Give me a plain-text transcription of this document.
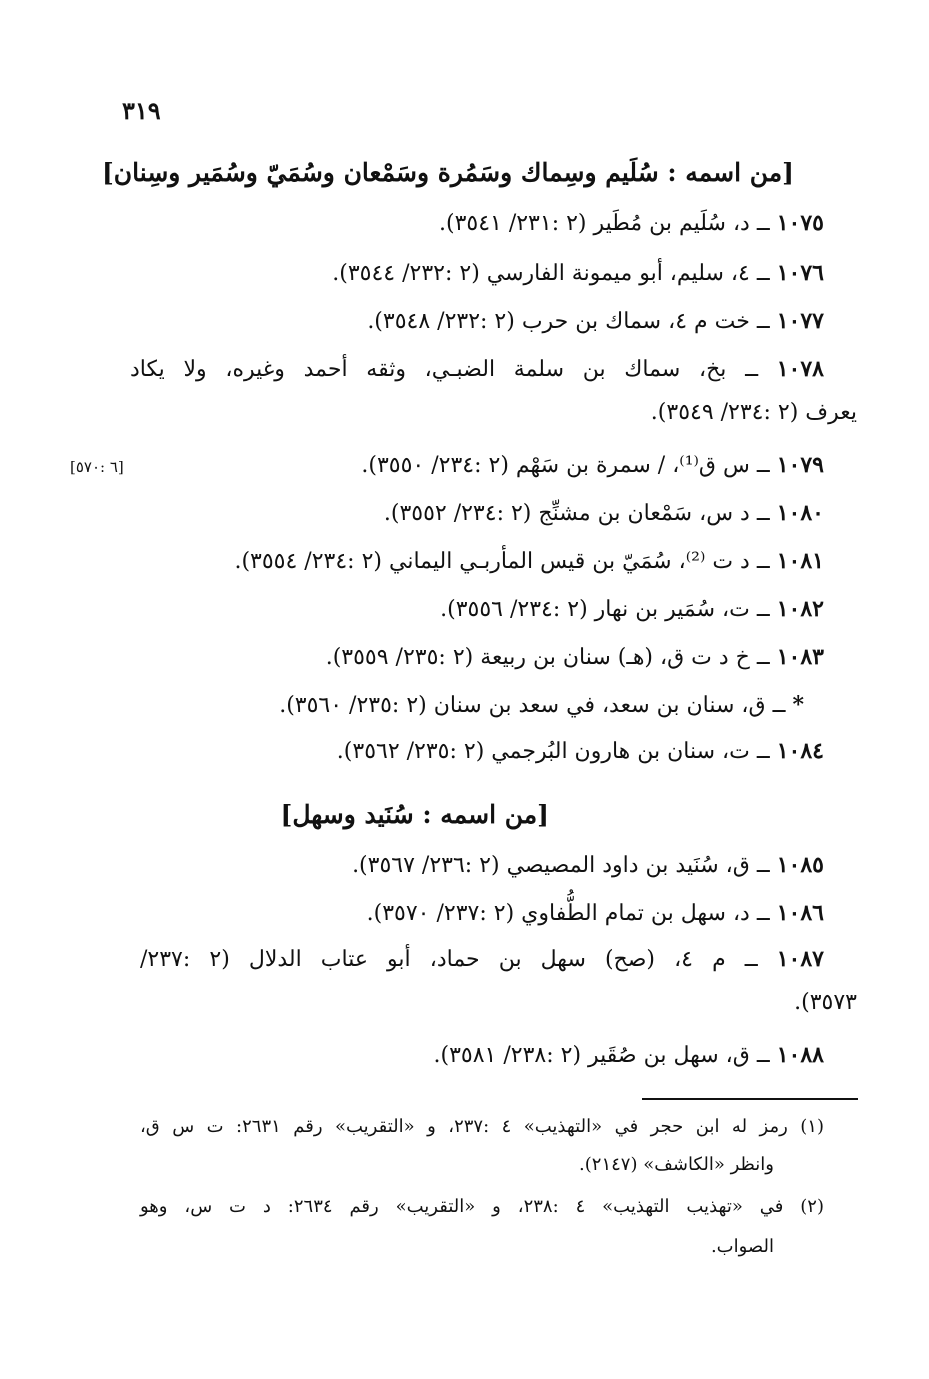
٣١٩
[من اسمه : سُلَيم وسِماك وسَمُرة وسَمْعان وسُمَيّ وسُمَير وسِنان]
١٠٧٥ ــ د، سُلَيم بن مُطَير (٢ :٢٣١/ ٣٥٤١).
١٠٧٦ ــ ٤، سليم، أبو ميمونة الفارسي (٢ :٢٣٢/ ٣٥٤٤).
١٠٧٧ ــ خت م ٤، سماك بن حرب (٢ :٢٣٢/ ٣٥٤٨).
١٠٧٨ ــ بخ، سماك بن سلمة الضبـي، وثقه أحمد وغيره، ولا يكاد
يعرف (٢ :٢٣٤/ ٣٥٤٩).
١٠٧٩ ــ س ق⁽¹⁾، / سمرة بن سَهْم (٢ :٢٣٤/ ٣٥٥٠).
[٦ :٥٧٠]
١٠٨٠ ــ د س، سَمْعان بن مشنِّج (٢ :٢٣٤/ ٣٥٥٢).
١٠٨١ ــ د ت ⁽²⁾، سُمَيّ بن قيس المأربـي اليماني (٢ :٢٣٤/ ٣٥٥٤).
١٠٨٢ ــ ت، سُمَير بن نهار (٢ :٢٣٤/ ٣٥٥٦).
١٠٨٣ ــ خ د ت ق، (هـ) سنان بن ربيعة (٢ :٢٣٥/ ٣٥٥٩).
* ــ ق، سنان بن سعد، في سعد بن سنان (٢ :٢٣٥/ ٣٥٦٠).
١٠٨٤ ــ ت، سنان بن هارون البُرجمي (٢ :٢٣٥/ ٣٥٦٢).
[من اسمه : سُنَيد وسهل]
١٠٨٥ ــ ق، سُنَيد بن داود المصيصي (٢ :٢٣٦/ ٣٥٦٧).
١٠٨٦ ــ د، سهل بن تمام الطُّفاوي (٢ :٢٣٧/ ٣٥٧٠).
١٠٨٧ ــ م ٤، (صح) سهل بن حماد، أبو عتاب الدلال (٢ :٢٣٧/
٣٥٧٣).
١٠٨٨ ــ ق، سهل بن صُقَير (٢ :٢٣٨/ ٣٥٨١).
(١) رمز له ابن حجر في «التهذيب» ٤ :٢٣٧، و «التقريب» رقم ٢٦٣١: ت س ق،
وانظر «الكاشف» (٢١٤٧).
(٢) في «تهذيب التهذيب» ٤ :٢٣٨، و «التقريب» رقم ٢٦٣٤: د ت س، وهو
الصواب.
